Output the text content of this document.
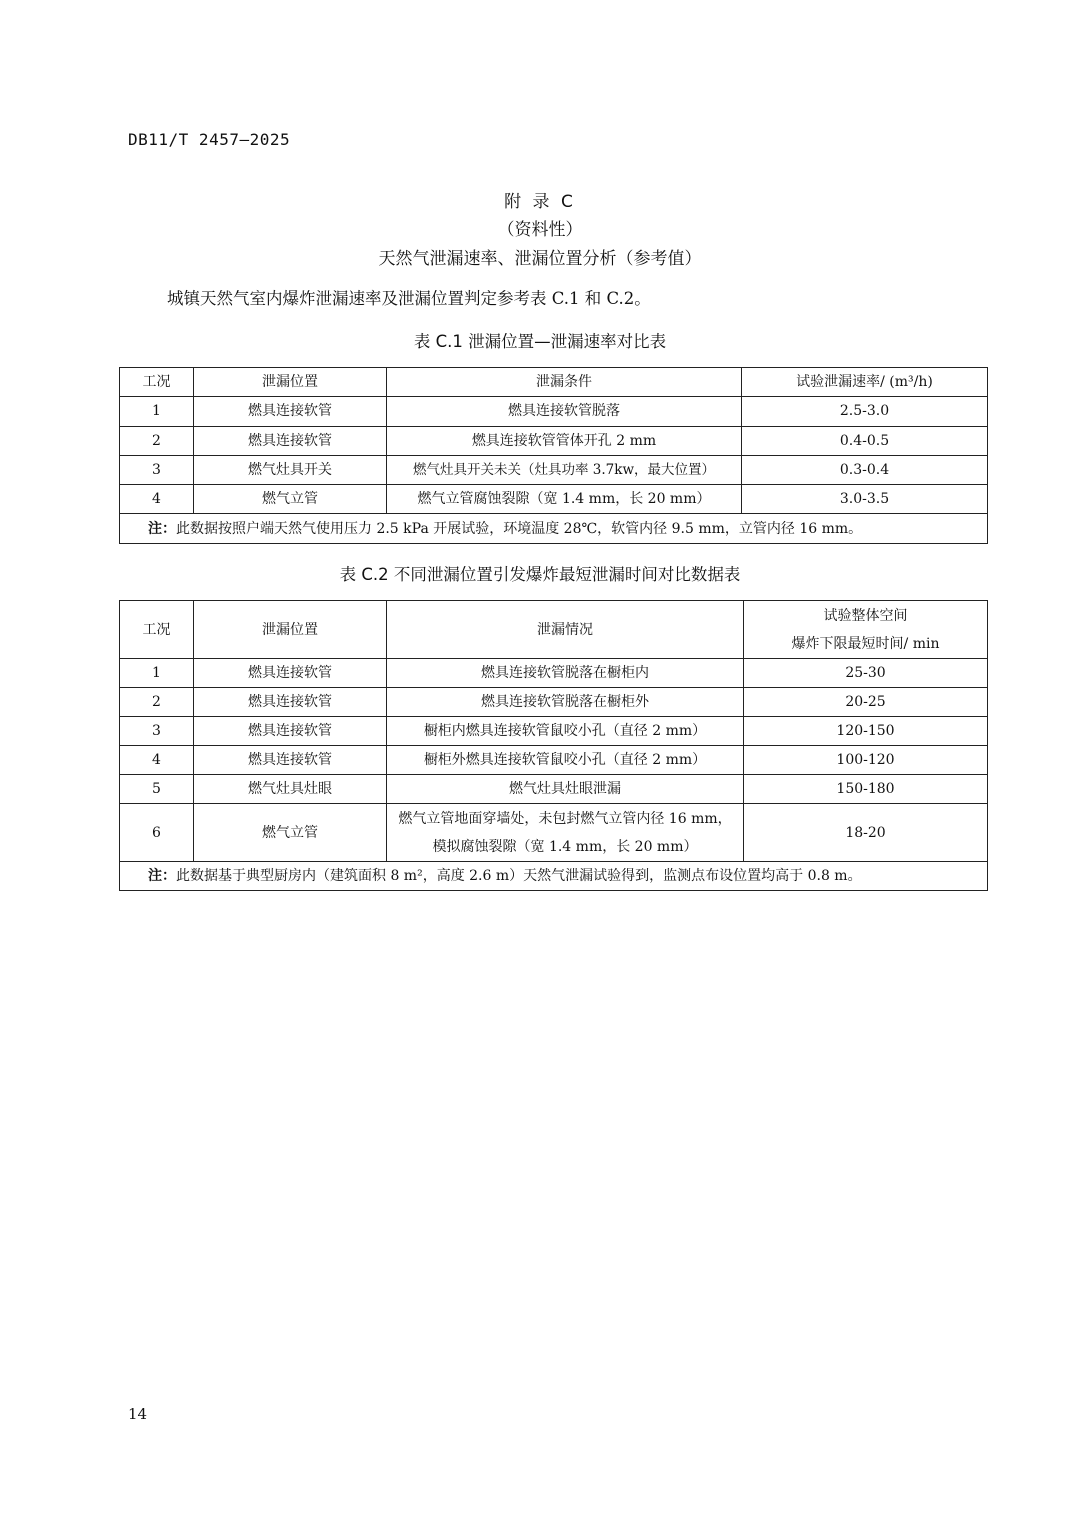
DB11/T 2457—2025
附 录 C
（资料性）
天然气泄漏速率、泄漏位置分析（参考值）
城镇天然气室内爆炸泄漏速率及泄漏位置判定参考表 C.1 和 C.2。
表 C.1 泄漏位置—泄漏速率对比表
工况	泄漏位置	泄漏条件	试验泄漏速率/ (m³/h)
1	燃具连接软管	燃具连接软管脱落	2.5-3.0
2	燃具连接软管	燃具连接软管管体开孔 2 mm	0.4-0.5
3	燃气灶具开关	燃气灶具开关未关（灶具功率 3.7kw，最大位置）	0.3-0.4
4	燃气立管	燃气立管腐蚀裂隙（宽 1.4 mm，长 20 mm）	3.0-3.5
注：此数据按照户端天然气使用压力 2.5 kPa 开展试验，环境温度 28℃，软管内径 9.5 mm，立管内径 16 mm。			
表 C.2 不同泄漏位置引发爆炸最短泄漏时间对比数据表
工况	泄漏位置	泄漏情况	试验整体空间
爆炸下限最短时间/ min

1	燃具连接软管	燃具连接软管脱落在橱柜内	25-30
2	燃具连接软管	燃具连接软管脱落在橱柜外	20-25
3	燃具连接软管	橱柜内燃具连接软管鼠咬小孔（直径 2 mm）	120-150
4	燃具连接软管	橱柜外燃具连接软管鼠咬小孔（直径 2 mm）	100-120
5	燃气灶具灶眼	燃气灶具灶眼泄漏	150-180
6	燃气立管	燃气立管地面穿墙处，未包封燃气立管内径 16 mm，模拟腐蚀裂隙（宽 1.4 mm，长 20 mm）	18-20
注：此数据基于典型厨房内（建筑面积 8 m²，高度 2.6 m）天然气泄漏试验得到，监测点布设位置均高于 0.8 m。			
14
